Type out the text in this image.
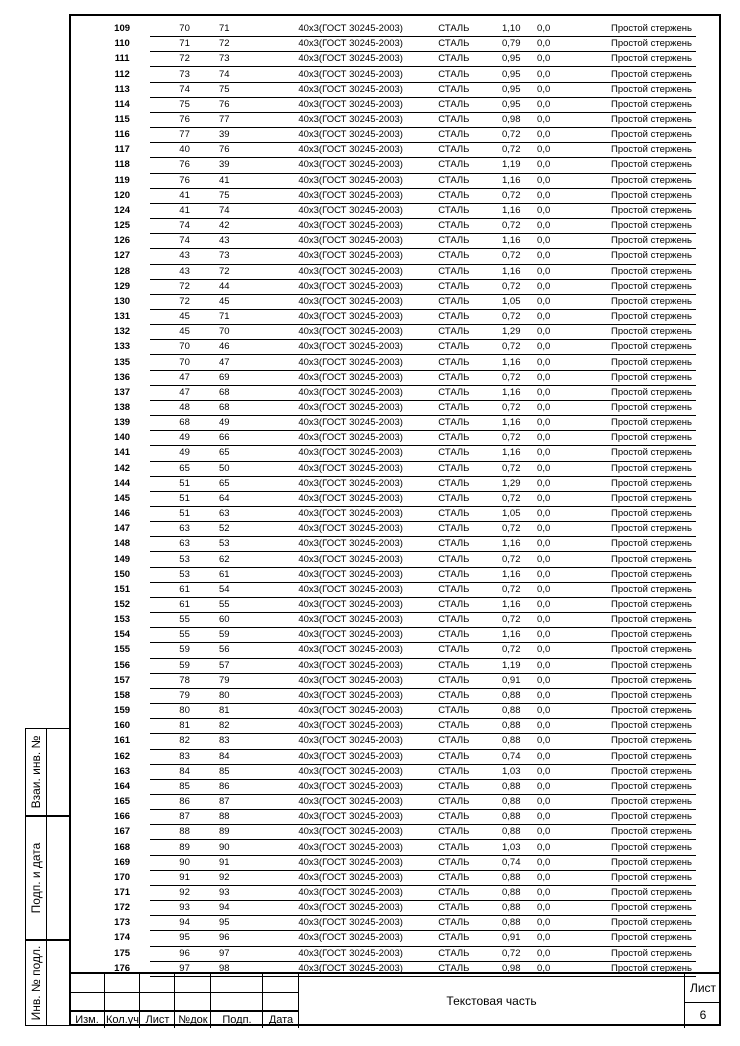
109	70	71	40x3(ГОСТ 30245-2003)	СТАЛЬ	1,10	0,0	Простой стержень
110	71	72	40x3(ГОСТ 30245-2003)	СТАЛЬ	0,79	0,0	Простой стержень
111	72	73	40x3(ГОСТ 30245-2003)	СТАЛЬ	0,95	0,0	Простой стержень
112	73	74	40x3(ГОСТ 30245-2003)	СТАЛЬ	0,95	0,0	Простой стержень
113	74	75	40x3(ГОСТ 30245-2003)	СТАЛЬ	0,95	0,0	Простой стержень
114	75	76	40x3(ГОСТ 30245-2003)	СТАЛЬ	0,95	0,0	Простой стержень
115	76	77	40x3(ГОСТ 30245-2003)	СТАЛЬ	0,98	0,0	Простой стержень
116	77	39	40x3(ГОСТ 30245-2003)	СТАЛЬ	0,72	0,0	Простой стержень
117	40	76	40x3(ГОСТ 30245-2003)	СТАЛЬ	0,72	0,0	Простой стержень
118	76	39	40x3(ГОСТ 30245-2003)	СТАЛЬ	1,19	0,0	Простой стержень
119	76	41	40x3(ГОСТ 30245-2003)	СТАЛЬ	1,16	0,0	Простой стержень
120	41	75	40x3(ГОСТ 30245-2003)	СТАЛЬ	0,72	0,0	Простой стержень
124	41	74	40x3(ГОСТ 30245-2003)	СТАЛЬ	1,16	0,0	Простой стержень
125	74	42	40x3(ГОСТ 30245-2003)	СТАЛЬ	0,72	0,0	Простой стержень
126	74	43	40x3(ГОСТ 30245-2003)	СТАЛЬ	1,16	0,0	Простой стержень
127	43	73	40x3(ГОСТ 30245-2003)	СТАЛЬ	0,72	0,0	Простой стержень
128	43	72	40x3(ГОСТ 30245-2003)	СТАЛЬ	1,16	0,0	Простой стержень
129	72	44	40x3(ГОСТ 30245-2003)	СТАЛЬ	0,72	0,0	Простой стержень
130	72	45	40x3(ГОСТ 30245-2003)	СТАЛЬ	1,05	0,0	Простой стержень
131	45	71	40x3(ГОСТ 30245-2003)	СТАЛЬ	0,72	0,0	Простой стержень
132	45	70	40x3(ГОСТ 30245-2003)	СТАЛЬ	1,29	0,0	Простой стержень
133	70	46	40x3(ГОСТ 30245-2003)	СТАЛЬ	0,72	0,0	Простой стержень
135	70	47	40x3(ГОСТ 30245-2003)	СТАЛЬ	1,16	0,0	Простой стержень
136	47	69	40x3(ГОСТ 30245-2003)	СТАЛЬ	0,72	0,0	Простой стержень
137	47	68	40x3(ГОСТ 30245-2003)	СТАЛЬ	1,16	0,0	Простой стержень
138	48	68	40x3(ГОСТ 30245-2003)	СТАЛЬ	0,72	0,0	Простой стержень
139	68	49	40x3(ГОСТ 30245-2003)	СТАЛЬ	1,16	0,0	Простой стержень
140	49	66	40x3(ГОСТ 30245-2003)	СТАЛЬ	0,72	0,0	Простой стержень
141	49	65	40x3(ГОСТ 30245-2003)	СТАЛЬ	1,16	0,0	Простой стержень
142	65	50	40x3(ГОСТ 30245-2003)	СТАЛЬ	0,72	0,0	Простой стержень
144	51	65	40x3(ГОСТ 30245-2003)	СТАЛЬ	1,29	0,0	Простой стержень
145	51	64	40x3(ГОСТ 30245-2003)	СТАЛЬ	0,72	0,0	Простой стержень
146	51	63	40x3(ГОСТ 30245-2003)	СТАЛЬ	1,05	0,0	Простой стержень
147	63	52	40x3(ГОСТ 30245-2003)	СТАЛЬ	0,72	0,0	Простой стержень
148	63	53	40x3(ГОСТ 30245-2003)	СТАЛЬ	1,16	0,0	Простой стержень
149	53	62	40x3(ГОСТ 30245-2003)	СТАЛЬ	0,72	0,0	Простой стержень
150	53	61	40x3(ГОСТ 30245-2003)	СТАЛЬ	1,16	0,0	Простой стержень
151	61	54	40x3(ГОСТ 30245-2003)	СТАЛЬ	0,72	0,0	Простой стержень
152	61	55	40x3(ГОСТ 30245-2003)	СТАЛЬ	1,16	0,0	Простой стержень
153	55	60	40x3(ГОСТ 30245-2003)	СТАЛЬ	0,72	0,0	Простой стержень
154	55	59	40x3(ГОСТ 30245-2003)	СТАЛЬ	1,16	0,0	Простой стержень
155	59	56	40x3(ГОСТ 30245-2003)	СТАЛЬ	0,72	0,0	Простой стержень
156	59	57	40x3(ГОСТ 30245-2003)	СТАЛЬ	1,19	0,0	Простой стержень
157	78	79	40x3(ГОСТ 30245-2003)	СТАЛЬ	0,91	0,0	Простой стержень
158	79	80	40x3(ГОСТ 30245-2003)	СТАЛЬ	0,88	0,0	Простой стержень
159	80	81	40x3(ГОСТ 30245-2003)	СТАЛЬ	0,88	0,0	Простой стержень
160	81	82	40x3(ГОСТ 30245-2003)	СТАЛЬ	0,88	0,0	Простой стержень
161	82	83	40x3(ГОСТ 30245-2003)	СТАЛЬ	0,88	0,0	Простой стержень
162	83	84	40x3(ГОСТ 30245-2003)	СТАЛЬ	0,74	0,0	Простой стержень
163	84	85	40x3(ГОСТ 30245-2003)	СТАЛЬ	1,03	0,0	Простой стержень
164	85	86	40x3(ГОСТ 30245-2003)	СТАЛЬ	0,88	0,0	Простой стержень
165	86	87	40x3(ГОСТ 30245-2003)	СТАЛЬ	0,88	0,0	Простой стержень
166	87	88	40x3(ГОСТ 30245-2003)	СТАЛЬ	0,88	0,0	Простой стержень
167	88	89	40x3(ГОСТ 30245-2003)	СТАЛЬ	0,88	0,0	Простой стержень
168	89	90	40x3(ГОСТ 30245-2003)	СТАЛЬ	1,03	0,0	Простой стержень
169	90	91	40x3(ГОСТ 30245-2003)	СТАЛЬ	0,74	0,0	Простой стержень
170	91	92	40x3(ГОСТ 30245-2003)	СТАЛЬ	0,88	0,0	Простой стержень
171	92	93	40x3(ГОСТ 30245-2003)	СТАЛЬ	0,88	0,0	Простой стержень
172	93	94	40x3(ГОСТ 30245-2003)	СТАЛЬ	0,88	0,0	Простой стержень
173	94	95	40x3(ГОСТ 30245-2003)	СТАЛЬ	0,88	0,0	Простой стержень
174	95	96	40x3(ГОСТ 30245-2003)	СТАЛЬ	0,91	0,0	Простой стержень
175	96	97	40x3(ГОСТ 30245-2003)	СТАЛЬ	0,72	0,0	Простой стержень
176	97	98	40x3(ГОСТ 30245-2003)	СТАЛЬ	0,98	0,0	Простой стержень
Взаи. инв. №
Подп. и дата
Инв. № подл.	Изм. Кол.уч Лист №док	Подп.	Дата
Текстовая часть
Лист
6
